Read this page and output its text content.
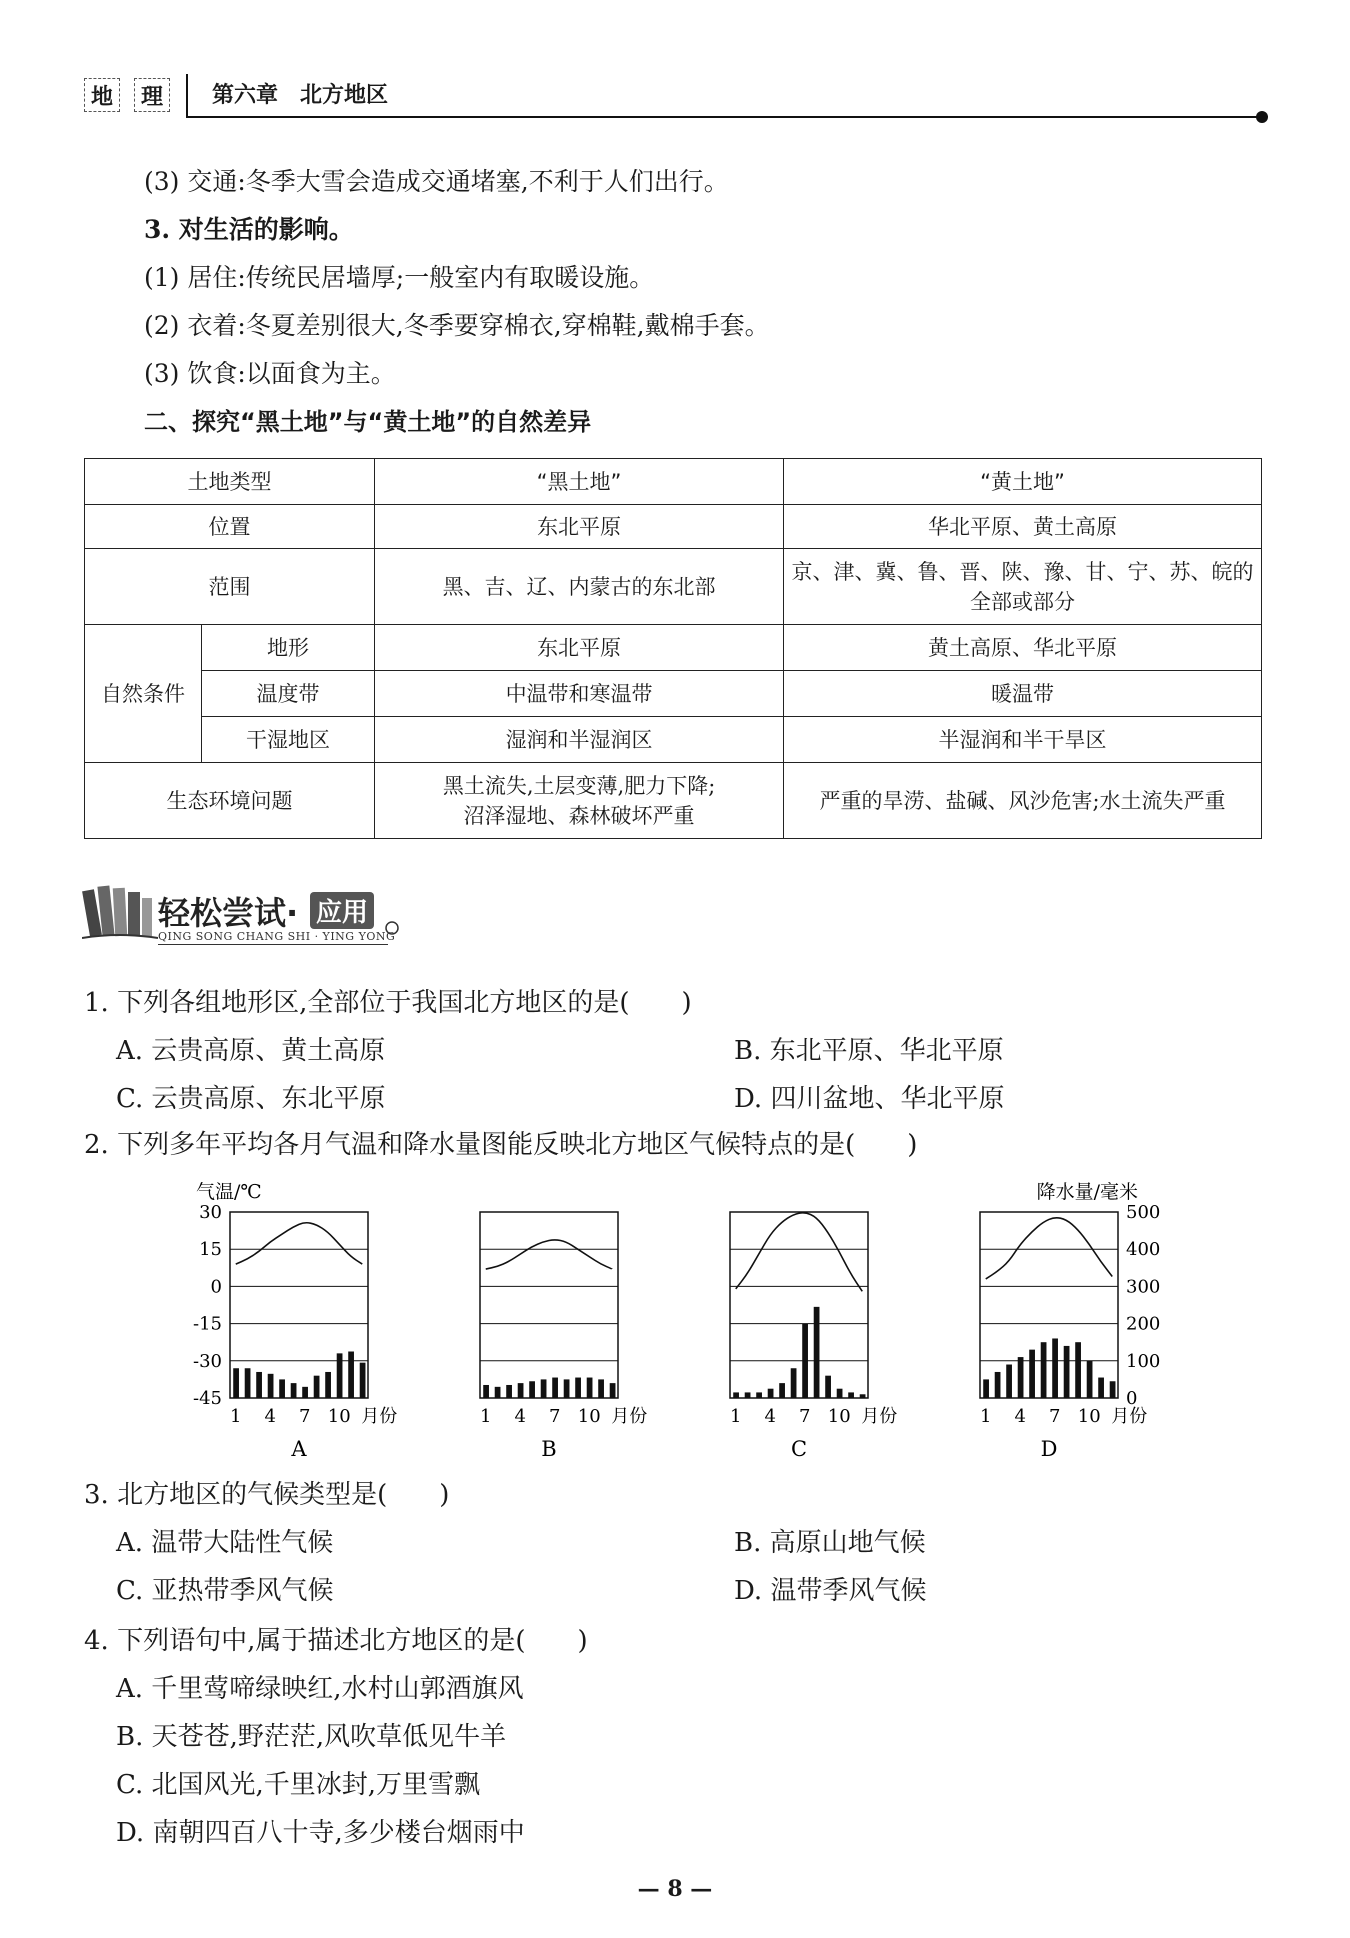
地	理	第六章　北方地区
(3) 交通:冬季大雪会造成交通堵塞,不利于人们出行。
3. 对生活的影响。
(1) 居住:传统民居墙厚;一般室内有取暖设施。
(2) 衣着:冬夏差别很大,冬季要穿棉衣,穿棉鞋,戴棉手套。
(3) 饮食:以面食为主。
二、探究“黑土地”与“黄土地”的自然差异
土地类型		“黑土地”	“黄土地”
位置		东北平原	华北平原、黄土高原
范围		黑、吉、辽、内蒙古的东北部	京、津、冀、鲁、晋、陕、豫、甘、宁、苏、皖的
全部或部分

自然条件	地形	东北平原	黄土高原、华北平原
	温度带	中温带和寒温带	暖温带
	干湿地区	湿润和半湿润区	半湿润和半干旱区
生态环境问题		黑土流失,土层变薄,肥力下降;
沼泽湿地、森林破坏严重	严重的旱涝、盐碱、风沙危害;水土流失严重
轻松尝试· 应用
QING SONG CHANG SHI · YING YONG
1. 下列各组地形区,全部位于我国北方地区的是(　　)
A. 云贵高原、黄土高原	B. 东北平原、华北平原
C. 云贵高原、东北平原	D. 四川盆地、华北平原
2. 下列多年平均各月气温和降水量图能反映北方地区气候特点的是(　　)
气温/℃
30
15
0
-15
-30
-45
降水量/毫米
500
400
300
200
100
0
1 4 7 10 月份
A
1 4 7 10 月份
B
1 4 7 10 月份
C
1 4 7 10 月份
D
3. 北方地区的气候类型是(　　)
A. 温带大陆性气候	B. 高原山地气候
C. 亚热带季风气候	D. 温带季风气候
4. 下列语句中,属于描述北方地区的是(　　)
A. 千里莺啼绿映红,水村山郭酒旗风
B. 天苍苍,野茫茫,风吹草低见牛羊
C. 北国风光,千里冰封,万里雪飘
D. 南朝四百八十寺,多少楼台烟雨中
— 8 —
